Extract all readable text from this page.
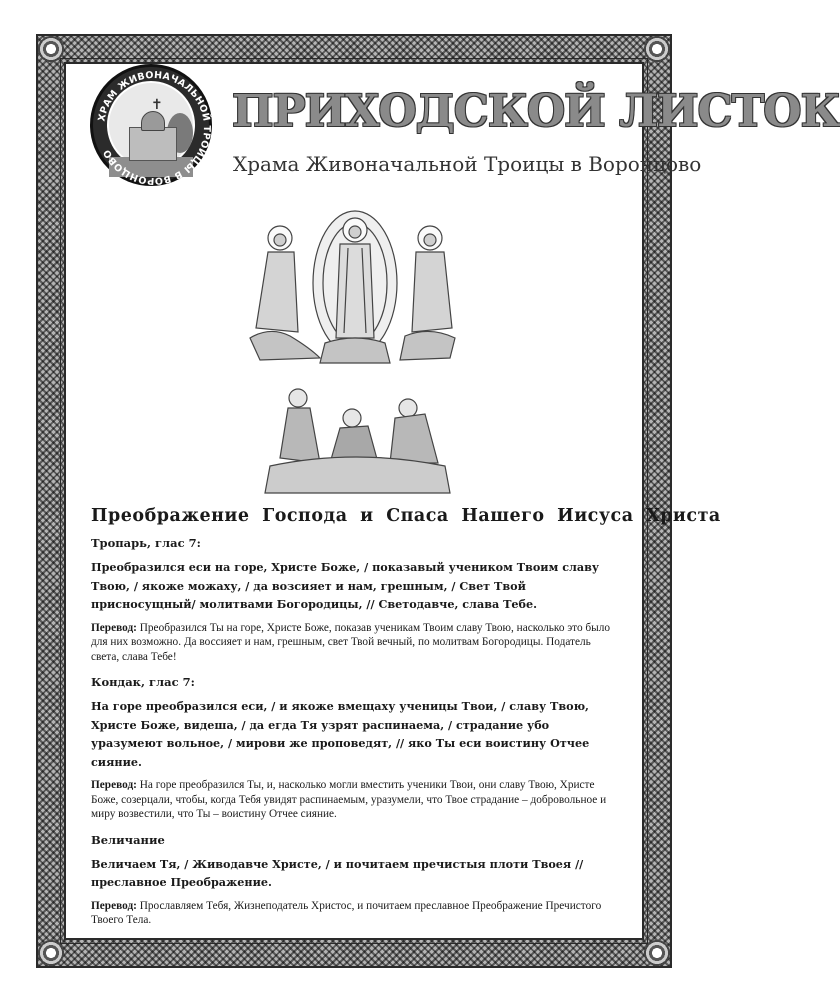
✝
ХРАМ ЖИВОНАЧАЛЬНОЙ ТРОИЦЫ В ВОРОНЦОВО
ПРИХОДСКОЙ ЛИСТОК
Храма Живоначальной Троицы в Воронцово
Преображение Господа и Спаса Нашего Иисуса Христа
Тропарь, глас 7:
Преобразился еси на горе, Христе Боже, / показавый учеником Твоим славу Твою, / якоже можаху, / да возсияет и нам, грешным, / Свет Твой присносущный/ молитвами Богородицы, // Светодавче, слава Тебе.
Перевод: Преобразился Ты на горе, Христе Боже, показав ученикам Твоим славу Твою, насколько это было для них возможно. Да воссияет и нам, грешным, свет Твой вечный, по молитвам Богородицы. Податель света, слава Тебе!
Кондак, глас 7:
На горе преобразился еси, / и якоже вмещаху ученицы Твои, / славу Твою, Христе Боже, видеша, / да егда Тя узрят распинаема, / страдание убо уразумеют вольное, / мирови же проповедят, // яко Ты еси воистину Отчее сияние.
Перевод: На горе преобразился Ты, и, насколько могли вместить ученики Твои, они славу Твою, Христе Боже, созерцали, чтобы, когда Тебя увидят распинаемым, уразумели, что Твое страдание – добровольное и миру возвестили, что Ты – воистину Отчее сияние.
Величание
Величаем Тя, / Живодавче Христе, / и почитаем пречистыя плоти Твоея // преславное Преображение.
Перевод: Прославляем Тебя, Жизнеподатель Христос, и почитаем преславное Преображение Пречистого Твоего Тела.
